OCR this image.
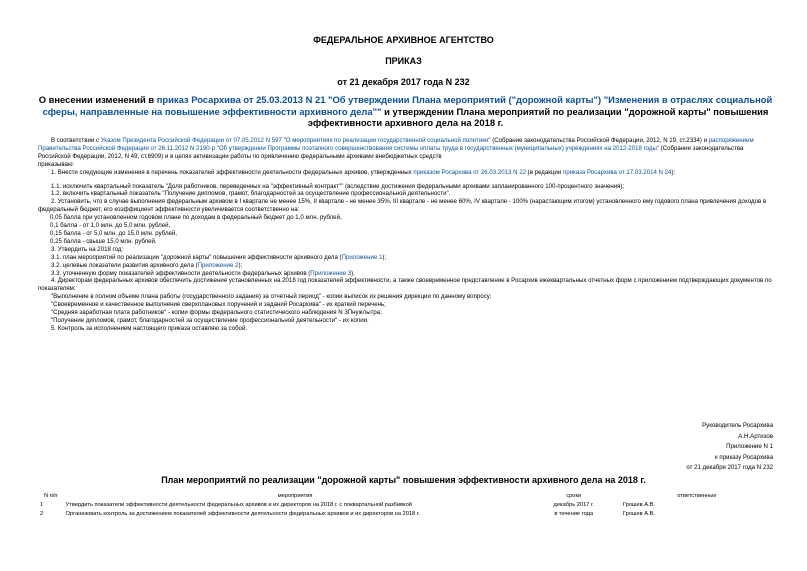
ФЕДЕРАЛЬНОЕ АРХИВНОЕ АГЕНТСТВО
ПРИКАЗ
от 21 декабря 2017 года N 232
О внесении изменений в приказ Росархива от 25.03.2013 N 21 "Об утверждении Плана мероприятий ("дорожной карты") "Изменения в отраслях социальной сферы, направленные на повышение эффективности архивного дела"" и утверждении Плана мероприятий по реализации "дорожной карты" повышения эффективности архивного дела на 2018 г.

В соответствии с Указом Президента Российской Федерации от 07.05.2012 N 597 "О мероприятиях по реализации государственной социальной политики" (Собрание законодательства Российской Федерации, 2012, N 19, ст.2334) и распоряжением Правительства Российской Федерации от 26.11.2012 N 2190-р "Об утверждении Программы поэтапного совершенствования системы оплаты труда в государственных (муниципальных) учреждениях на 2012-2018 годы" (Собрание законодательства Российской Федерации, 2012, N 49, ст.6909) и в целях активизации работы по привлечению федеральными архивами внебюджетных средств

приказываю:

1. Внести следующие изменения в перечень показателей эффективности деятельности федеральных архивов, утвержденных приказом Росархива от 26.03.2013 N 22 (в редакции приказа Росархива от 17.03.2014 N 24):

1.1. исключить квартальный показатель "Доля работников, переведенных на "эффективный контракт"" (вследствие достижения федеральными архивами запланированного 100-процентного значения);

1.2. включить квартальный показатель "Получение дипломов, грамот, благодарностей за осуществление профессиональной деятельности".

2. Установить, что в случае выполнения федеральным архивом в I квартале не менее 15%, II квартале - не менее 35%, III квартале - не менее 60%, IV квартале - 100% (нарастающим итогом) установленного ему годового плана привлечения доходов в федеральный бюджет, его коэффициент эффективности увеличивается соответственно на:

0,05 балла при установленном годовом плане по доходам в федеральный бюджет до 1,0 млн. рублей,

0,1 балла - от 1,0 млн. до 5,0 млн. рублей,

0,15 балла - от 5,0 млн. до 15,0 млн. рублей,

0,25 балла - свыше 15,0 млн. рублей.

3. Утвердить на 2018 год:

3.1. план мероприятий по реализации "дорожной карты" повышения эффективности архивного дела (Приложение 1);

3.2. целевые показатели развития архивного дела (Приложение 2);

3.3. уточненную форму показателей эффективности деятельности федеральных архивов (Приложение 3).

4. Директорам федеральных архивов обеспечить достижение установленных на 2018 год показателей эффективности, а также своевременное представление в Росархив ежеквартальных отчетных форм с приложением подтверждающих документов по показателям:

"Выполнение в полном объеме плана работы (государственного задания) за отчетный период" - копии выписок из решения дирекции по данному вопросу;

"Своевременное и качественное выполнение сверхплановых поручений и заданий Росархива" - их краткий перечень;

"Средняя заработная плата работников" - копии формы федерального статистического наблюдения N 3Пнужлытра;

"Получение дипломов, грамот, благодарностей за осуществление профессиональной деятельности" - их копии.

5. Контроль за исполнением настоящего приказа оставляю за собой.

Руководитель Росархива
А.Н.Артизов
Приложение N 1
к приказу Росархива
от 21 декабря 2017 года N 232
План мероприятий по реализации "дорожной карты" повышения эффективности архивного дела на 2018 г.
N п/п	мероприятия	сроки	ответственные
1	Утвердить показатели эффективности деятельности федеральных архивов и их директоров на 2018 г. с поквартальной разбивкой	декабрь 2017 г.	Грошев А.В.
2	Организовать контроль за достижением показателей эффективности деятельности федеральных архивов и их директоров на 2018 г.	в течение года	Грошев А.В.
